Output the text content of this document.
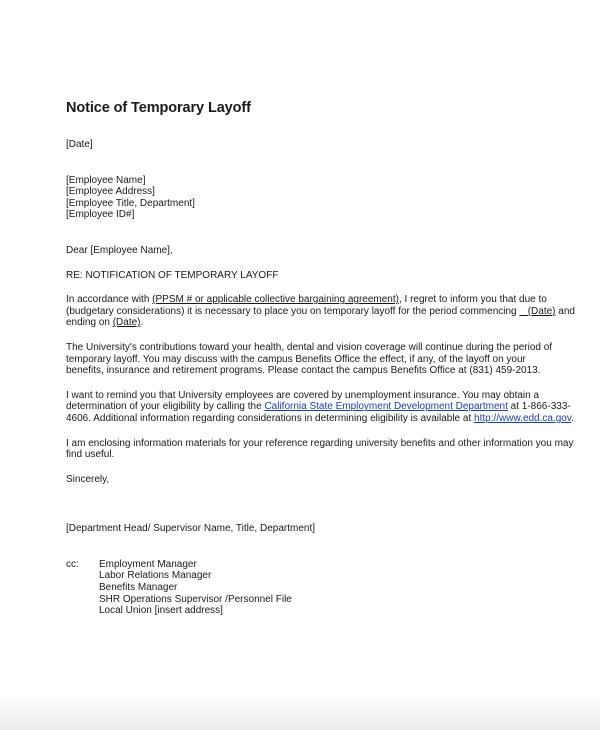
Notice of Temporary Layoff
[Date]
[Employee Name]
[Employee Address]
[Employee Title, Department]
[Employee ID#]
Dear [Employee Name],
RE: NOTIFICATION OF TEMPORARY LAYOFF
In accordance with (PPSM # or applicable collective bargaining agreement), I regret to inform you that due to
(budgetary considerations) it is necessary to place you on temporary layoff for the period commencing    (Date) and
ending on (Date).
The University's contributions toward your health, dental and vision coverage will continue during the period of
temporary layoff. You may discuss with the campus Benefits Office the effect, if any, of the layoff on your
benefits, insurance and retirement programs. Please contact the campus Benefits Office at (831) 459-2013.
I want to remind you that University employees are covered by unemployment insurance. You may obtain a
determination of your eligibility by calling the California State Employment Development Department at 1-866-333-
4606. Additional information regarding considerations in determining eligibility is available at http://www.edd.ca.gov.
I am enclosing information materials for your reference regarding university benefits and other information you may
find useful.
Sincerely,
[Department Head/ Supervisor Name, Title, Department]
cc:	Employment Manager
Labor Relations Manager
Benefits Manager
SHR Operations Supervisor /Personnel File
Local Union [insert address]
